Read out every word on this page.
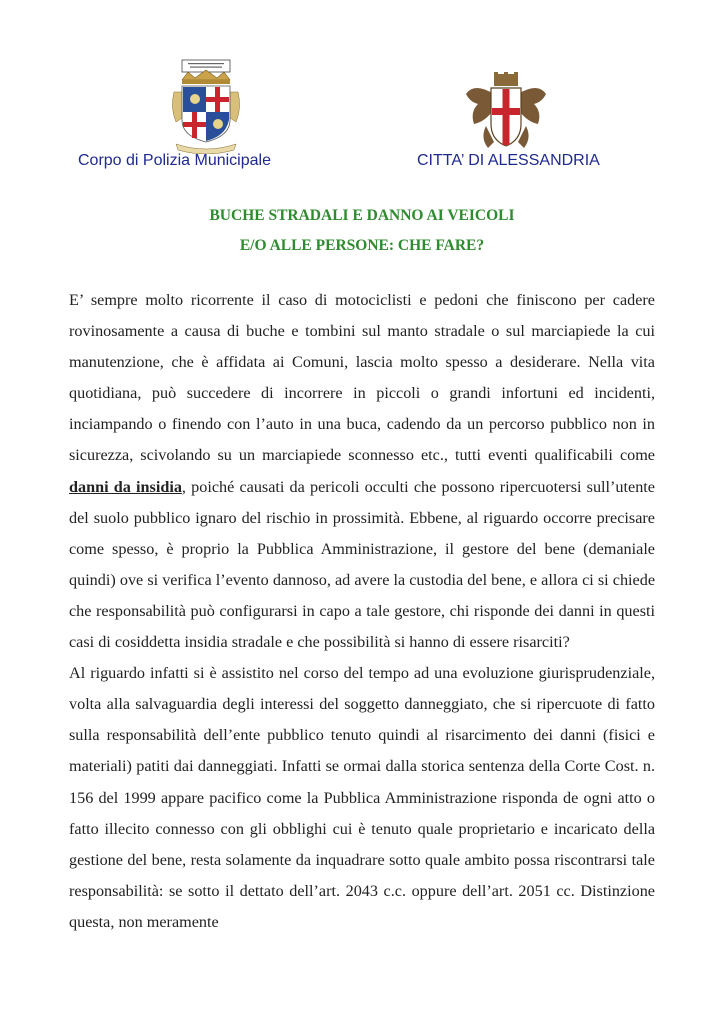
Corpo di Polizia Municipale	CITTA’ DI ALESSANDRIA
BUCHE STRADALI E DANNO AI VEICOLI
E/O ALLE PERSONE: CHE FARE?

E’ sempre molto ricorrente il caso di motociclisti e pedoni che finiscono per cadere rovinosamente a causa di buche e tombini sul manto stradale o sul marciapiede la cui manutenzione, che è affidata ai Comuni, lascia molto spesso a desiderare. Nella vita quotidiana, può succedere di incorrere in piccoli o grandi infortuni ed incidenti, inciampando o finendo con l’auto in una buca, cadendo da un percorso pubblico non in sicurezza, scivolando su un marciapiede sconnesso etc., tutti eventi qualificabili come danni da insidia, poiché causati da pericoli occulti che possono ripercuotersi sull’utente del suolo pubblico ignaro del rischio in prossimità. Ebbene, al riguardo occorre precisare come spesso, è proprio la Pubblica Amministrazione, il gestore del bene (demaniale quindi) ove si verifica l’evento dannoso, ad avere la custodia del bene, e allora ci si chiede che responsabilità può configurarsi in capo a tale gestore, chi risponde dei danni in questi casi di cosiddetta insidia stradale e che possibilità si hanno di essere risarciti?

Al riguardo infatti si è assistito nel corso del tempo ad una evoluzione giurisprudenziale, volta alla salvaguardia degli interessi del soggetto danneggiato, che si ripercuote di fatto sulla responsabilità dell’ente pubblico tenuto quindi al risarcimento dei danni (fisici e materiali) patiti dai danneggiati. Infatti se ormai dalla storica sentenza della Corte Cost. n. 156 del 1999 appare pacifico come la Pubblica Amministrazione risponda de ogni atto o fatto illecito connesso con gli obblighi cui è tenuto quale proprietario e incaricato della gestione del bene, resta solamente da inquadrare sotto quale ambito possa riscontrarsi tale responsabilità: se sotto il dettato dell’art. 2043 c.c. oppure dell’art. 2051 cc. Distinzione questa, non meramente
